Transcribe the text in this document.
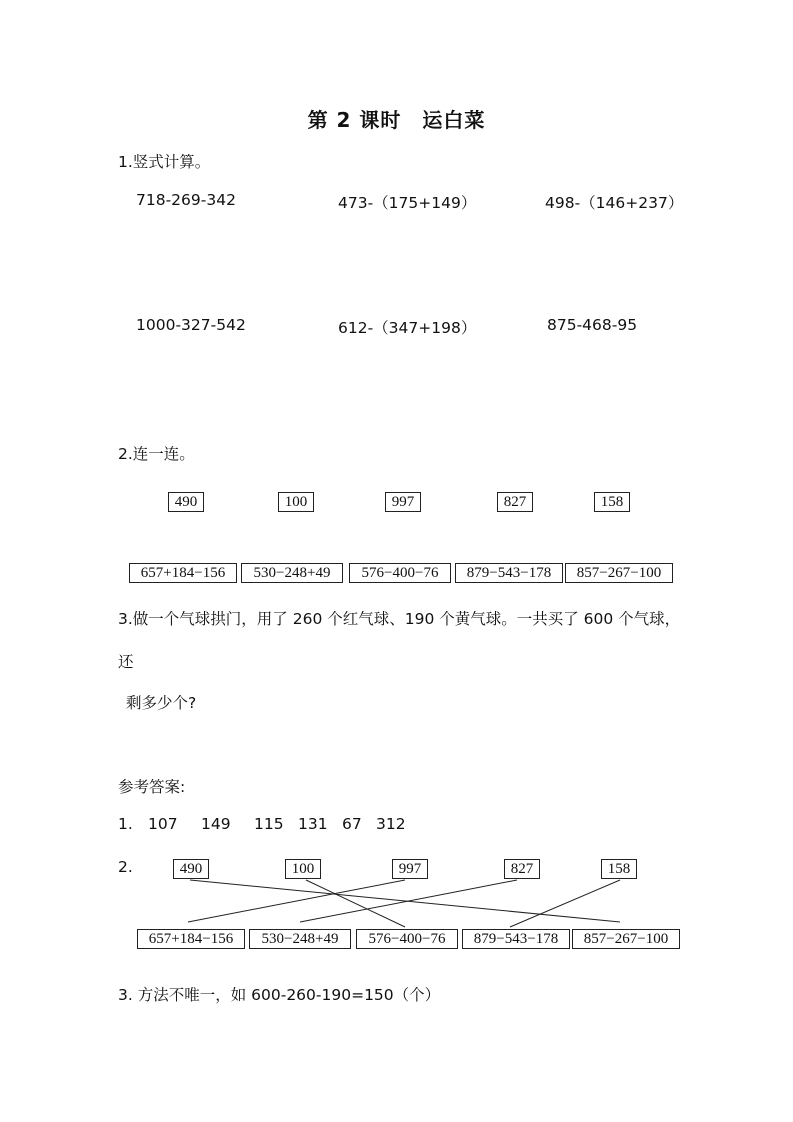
第 2 课时　运白菜
1.竖式计算。
718-269-342	473-（175+149）	498-（146+237）
1000-327-542	612-（347+198）	875-468-95
2.连一连。
490	100	997	827	158
657+184−156	530−248+49	576−400−76	879−543−178	857−267−100
3.做一个气球拱门，用了 260 个红气球、190 个黄气球。一共买了 600 个气球，
还
剩多少个?
参考答案:
1. 107 149 115 131 67 312
2.	490	100	997	827	158
657+184−156	530−248+49	576−400−76	879−543−178	857−267−100
3. 方法不唯一，如 600-260-190=150（个）
